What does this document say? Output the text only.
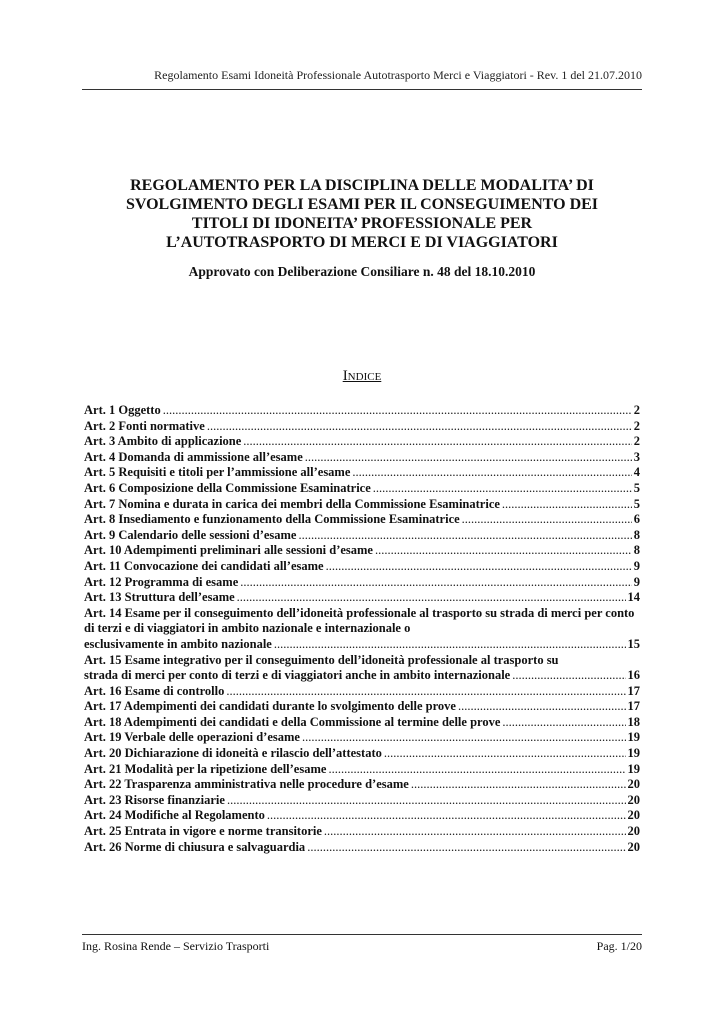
Regolamento Esami Idoneità Professionale Autotrasporto Merci e Viaggiatori - Rev. 1 del 21.07.2010
REGOLAMENTO PER LA DISCIPLINA DELLE MODALITA’ DI
SVOLGIMENTO DEGLI ESAMI PER IL CONSEGUIMENTO DEI
TITOLI DI IDONEITA’ PROFESSIONALE PER
L’AUTOTRASPORTO DI MERCI E DI VIAGGIATORI
Approvato con Deliberazione Consiliare n. 48 del 18.10.2010
Indice
Art. 1 Oggetto .....	2
Art. 2 Fonti normative .....	2
Art. 3 Ambito di applicazione .....	2
Art. 4 Domanda di ammissione all’esame .....	3
Art. 5 Requisiti e titoli per l’ammissione all’esame .....	4
Art. 6 Composizione della Commissione Esaminatrice .....	5
Art. 7 Nomina e durata in carica dei membri della Commissione Esaminatrice .....	5
Art. 8 Insediamento e funzionamento della Commissione Esaminatrice .....	6
Art. 9 Calendario delle sessioni d’esame .....	8
Art. 10 Adempimenti preliminari alle sessioni d’esame .....	8
Art. 11 Convocazione dei candidati all’esame .....	9
Art. 12 Programma di esame .....	9
Art. 13 Struttura dell’esame .....	14
Art. 14 Esame per il conseguimento dell’idoneità professionale al trasporto su strada di merci per conto di terzi e di viaggiatori in ambito nazionale e internazionale o
esclusivamente in ambito nazionale .....	15
Art. 15 Esame integrativo per il conseguimento dell’idoneità professionale al trasporto su
strada di merci per conto di terzi e di viaggiatori anche in ambito internazionale .....	16
Art. 16 Esame di controllo .....	17
Art. 17 Adempimenti dei candidati durante lo svolgimento delle prove .....	17
Art. 18 Adempimenti dei candidati e della Commissione al termine delle prove .....	18
Art. 19 Verbale delle operazioni d’esame .....	19
Art. 20 Dichiarazione di idoneità e rilascio dell’attestato .....	19
Art. 21 Modalità per la ripetizione dell’esame .....	19
Art. 22 Trasparenza amministrativa nelle procedure d’esame .....	20
Art. 23 Risorse finanziarie .....	20
Art. 24 Modifiche al Regolamento .....	20
Art. 25 Entrata in vigore e norme transitorie .....	20
Art. 26 Norme di chiusura e salvaguardia .....	20
Ing. Rosina Rende – Servizio Trasporti	Pag. 1/20
